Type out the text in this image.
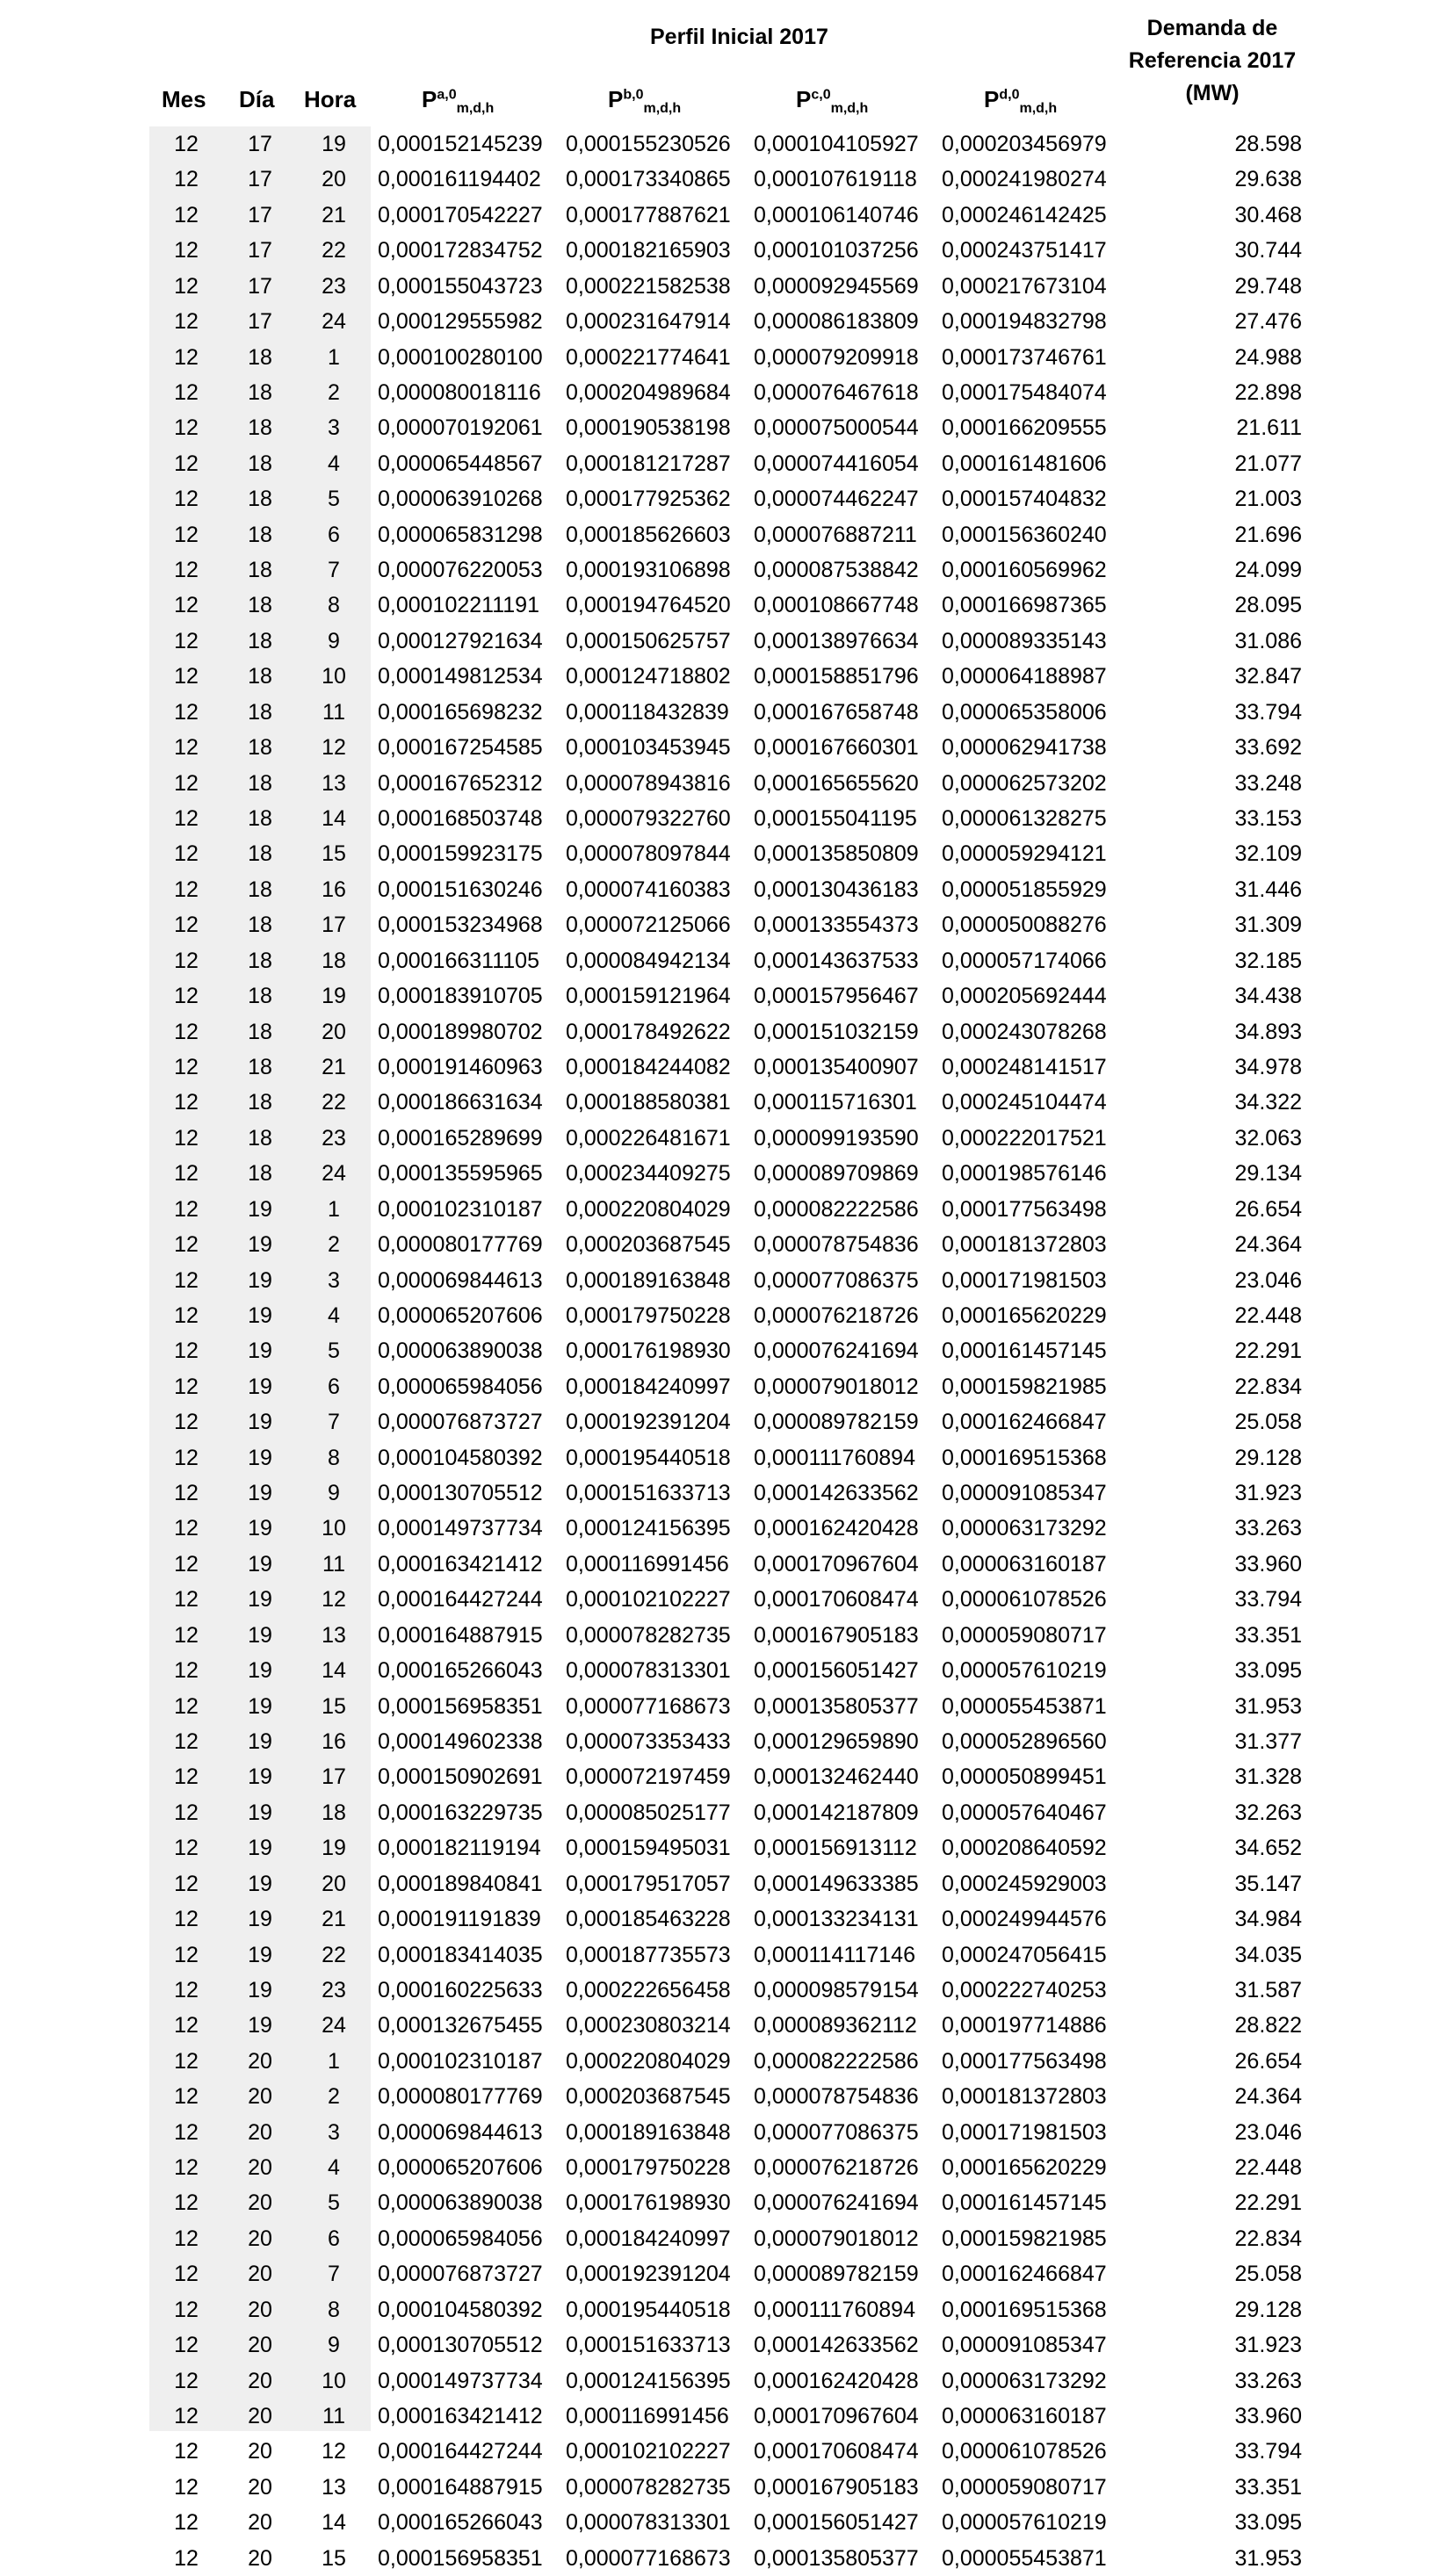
Perfil Inicial 2017	Demanda de
Referencia 2017
(MW)
Mes Día Hora	P$^{a,0}_{m,d,h}$	P$^{b,0}_{m,d,h}$	P$^{c,0}_{m,d,h}$	P$^{d,0}_{m,d,h}$
12	17	19	0,000152145239 0,000155230526 0,000104105927 0,000203456979	28.598
12	17	20	0,000161194402 0,000173340865 0,000107619118 0,000241980274	29.638
12	17	21	0,000170542227 0,000177887621 0,000106140746 0,000246142425	30.468
12	17	22	0,000172834752 0,000182165903 0,000101037256 0,000243751417	30.744
12	17	23	0,000155043723 0,000221582538 0,000092945569 0,000217673104	29.748
12	17	24	0,000129555982 0,000231647914 0,000086183809 0,000194832798	27.476
12	18	1	0,000100280100 0,000221774641 0,000079209918 0,000173746761	24.988
12	18	2	0,000080018116 0,000204989684 0,000076467618 0,000175484074	22.898
12	18	3	0,000070192061 0,000190538198 0,000075000544 0,000166209555	21.611
12	18	4	0,000065448567 0,000181217287 0,000074416054 0,000161481606	21.077
12	18	5	0,000063910268 0,000177925362 0,000074462247 0,000157404832	21.003
12	18	6	0,000065831298 0,000185626603 0,000076887211 0,000156360240	21.696
12	18	7	0,000076220053 0,000193106898 0,000087538842 0,000160569962	24.099
12	18	8	0,000102211191 0,000194764520 0,000108667748 0,000166987365	28.095
12	18	9	0,000127921634 0,000150625757 0,000138976634 0,000089335143	31.086
12	18	10	0,000149812534 0,000124718802 0,000158851796 0,000064188987	32.847
12	18	11	0,000165698232 0,000118432839 0,000167658748 0,000065358006	33.794
12	18	12	0,000167254585 0,000103453945 0,000167660301 0,000062941738	33.692
12	18	13	0,000167652312 0,000078943816 0,000165655620 0,000062573202	33.248
12	18	14	0,000168503748 0,000079322760 0,000155041195 0,000061328275	33.153
12	18	15	0,000159923175 0,000078097844 0,000135850809 0,000059294121	32.109
12	18	16	0,000151630246 0,000074160383 0,000130436183 0,000051855929	31.446
12	18	17	0,000153234968 0,000072125066 0,000133554373 0,000050088276	31.309
12	18	18	0,000166311105 0,000084942134 0,000143637533 0,000057174066	32.185
12	18	19	0,000183910705 0,000159121964 0,000157956467 0,000205692444	34.438
12	18	20	0,000189980702 0,000178492622 0,000151032159 0,000243078268	34.893
12	18	21	0,000191460963 0,000184244082 0,000135400907 0,000248141517	34.978
12	18	22	0,000186631634 0,000188580381 0,000115716301 0,000245104474	34.322
12	18	23	0,000165289699 0,000226481671 0,000099193590 0,000222017521	32.063
12	18	24	0,000135595965 0,000234409275 0,000089709869 0,000198576146	29.134
12	19	1	0,000102310187 0,000220804029 0,000082222586 0,000177563498	26.654
12	19	2	0,000080177769 0,000203687545 0,000078754836 0,000181372803	24.364
12	19	3	0,000069844613 0,000189163848 0,000077086375 0,000171981503	23.046
12	19	4	0,000065207606 0,000179750228 0,000076218726 0,000165620229	22.448
12	19	5	0,000063890038 0,000176198930 0,000076241694 0,000161457145	22.291
12	19	6	0,000065984056 0,000184240997 0,000079018012 0,000159821985	22.834
12	19	7	0,000076873727 0,000192391204 0,000089782159 0,000162466847	25.058
12	19	8	0,000104580392 0,000195440518 0,000111760894 0,000169515368	29.128
12	19	9	0,000130705512 0,000151633713 0,000142633562 0,000091085347	31.923
12	19	10	0,000149737734 0,000124156395 0,000162420428 0,000063173292	33.263
12	19	11	0,000163421412 0,000116991456 0,000170967604 0,000063160187	33.960
12	19	12	0,000164427244 0,000102102227 0,000170608474 0,000061078526	33.794
12	19	13	0,000164887915 0,000078282735 0,000167905183 0,000059080717	33.351
12	19	14	0,000165266043 0,000078313301 0,000156051427 0,000057610219	33.095
12	19	15	0,000156958351 0,000077168673 0,000135805377 0,000055453871	31.953
12	19	16	0,000149602338 0,000073353433 0,000129659890 0,000052896560	31.377
12	19	17	0,000150902691 0,000072197459 0,000132462440 0,000050899451	31.328
12	19	18	0,000163229735 0,000085025177 0,000142187809 0,000057640467	32.263
12	19	19	0,000182119194 0,000159495031 0,000156913112 0,000208640592	34.652
12	19	20	0,000189840841 0,000179517057 0,000149633385 0,000245929003	35.147
12	19	21	0,000191191839 0,000185463228 0,000133234131 0,000249944576	34.984
12	19	22	0,000183414035 0,000187735573 0,000114117146 0,000247056415	34.035
12	19	23	0,000160225633 0,000222656458 0,000098579154 0,000222740253	31.587
12	19	24	0,000132675455 0,000230803214 0,000089362112 0,000197714886	28.822
12	20	1	0,000102310187 0,000220804029 0,000082222586 0,000177563498	26.654
12	20	2	0,000080177769 0,000203687545 0,000078754836 0,000181372803	24.364
12	20	3	0,000069844613 0,000189163848 0,000077086375 0,000171981503	23.046
12	20	4	0,000065207606 0,000179750228 0,000076218726 0,000165620229	22.448
12	20	5	0,000063890038 0,000176198930 0,000076241694 0,000161457145	22.291
12	20	6	0,000065984056 0,000184240997 0,000079018012 0,000159821985	22.834
12	20	7	0,000076873727 0,000192391204 0,000089782159 0,000162466847	25.058
12	20	8	0,000104580392 0,000195440518 0,000111760894 0,000169515368	29.128
12	20	9	0,000130705512 0,000151633713 0,000142633562 0,000091085347	31.923
12	20	10	0,000149737734 0,000124156395 0,000162420428 0,000063173292	33.263
12	20	11	0,000163421412 0,000116991456 0,000170967604 0,000063160187	33.960
12	20	12	0,000164427244 0,000102102227 0,000170608474 0,000061078526	33.794
12	20	13	0,000164887915 0,000078282735 0,000167905183 0,000059080717	33.351
12	20	14	0,000165266043 0,000078313301 0,000156051427 0,000057610219	33.095
12	20	15	0,000156958351 0,000077168673 0,000135805377 0,000055453871	31.953
